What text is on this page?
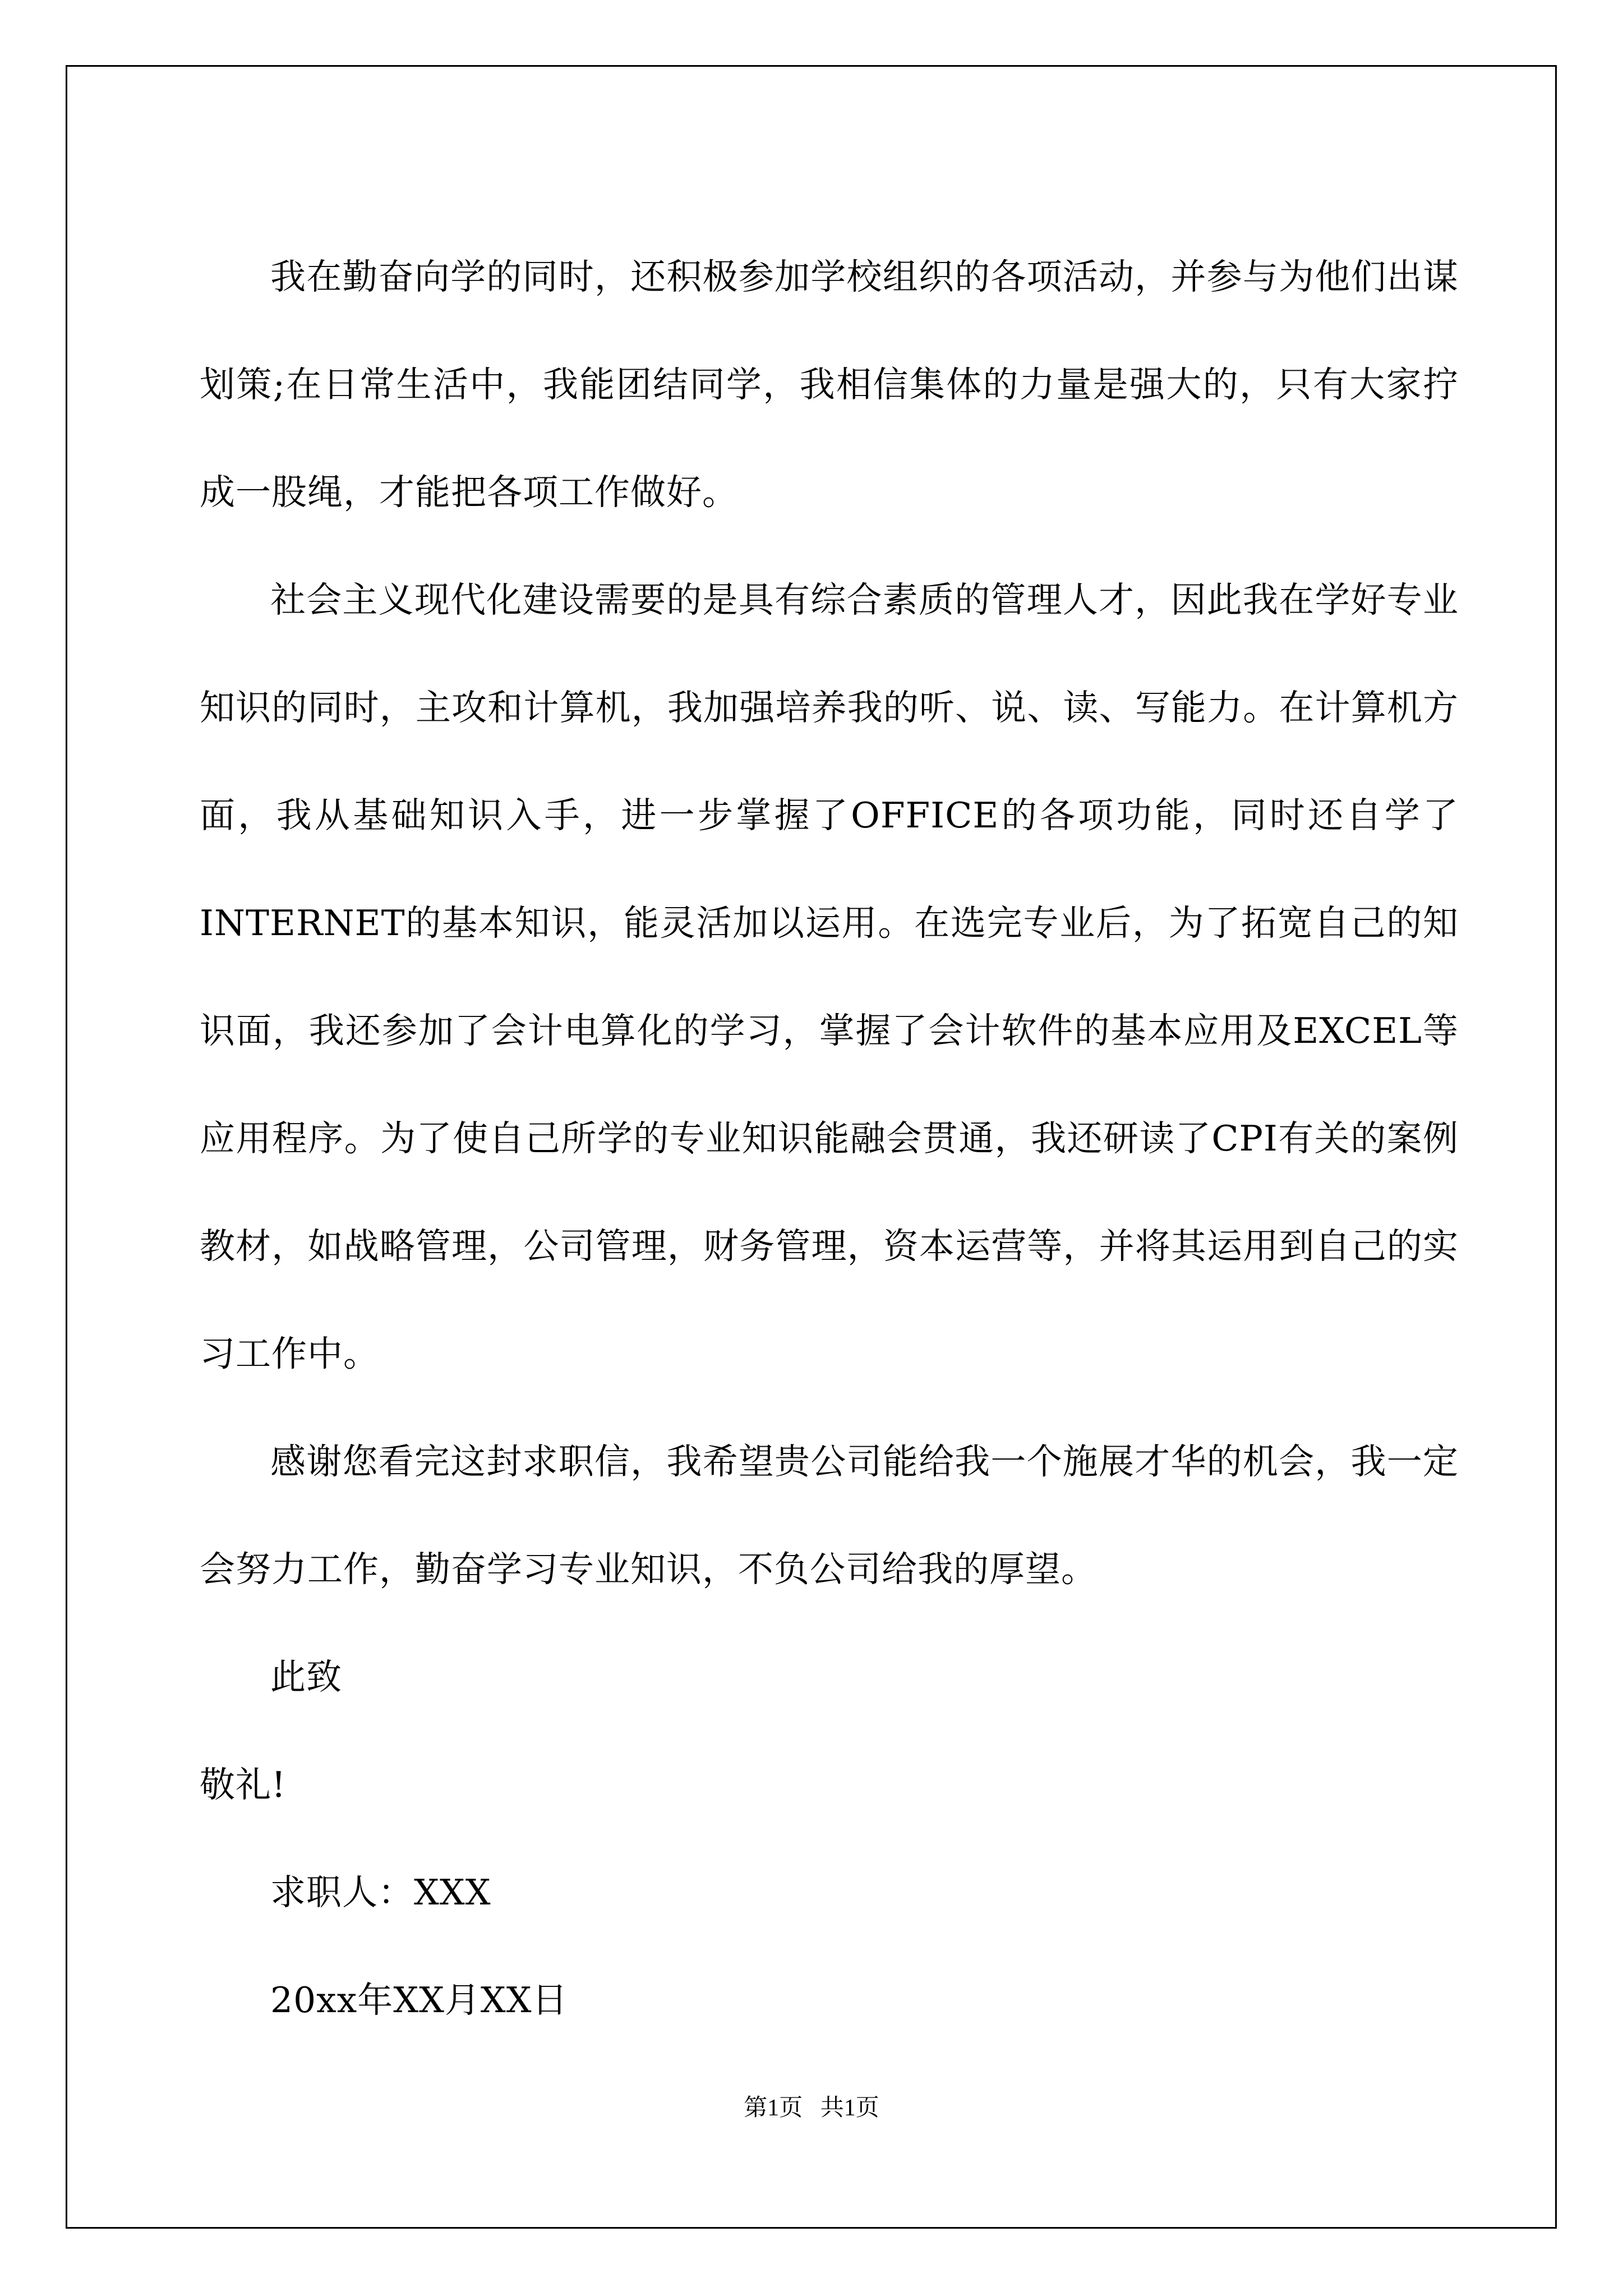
我在勤奋向学的同时，还积极参加学校组织的各项活动，并参与为他们出谋划策;在日常生活中，我能团结同学，我相信集体的力量是强大的，只有大家拧成一股绳，才能把各项工作做好。

社会主义现代化建设需要的是具有综合素质的管理人才，因此我在学好专业知识的同时，主攻和计算机，我加强培养我的听、说、读、写能力。在计算机方面，我从基础知识入手，进一步掌握了OFFICE的各项功能，同时还自学了INTERNET的基本知识，能灵活加以运用。在选完专业后，为了拓宽自己的知识面，我还参加了会计电算化的学习，掌握了会计软件的基本应用及EXCEL等应用程序。为了使自己所学的专业知识能融会贯通，我还研读了CPI有关的案例教材，如战略管理，公司管理，财务管理，资本运营等，并将其运用到自己的实习工作中。

感谢您看完这封求职信，我希望贵公司能给我一个施展才华的机会，我一定会努力工作，勤奋学习专业知识，不负公司给我的厚望。

此致

敬礼!

求职人：XXX

20xx年XX月XX日

第1页 共1页
